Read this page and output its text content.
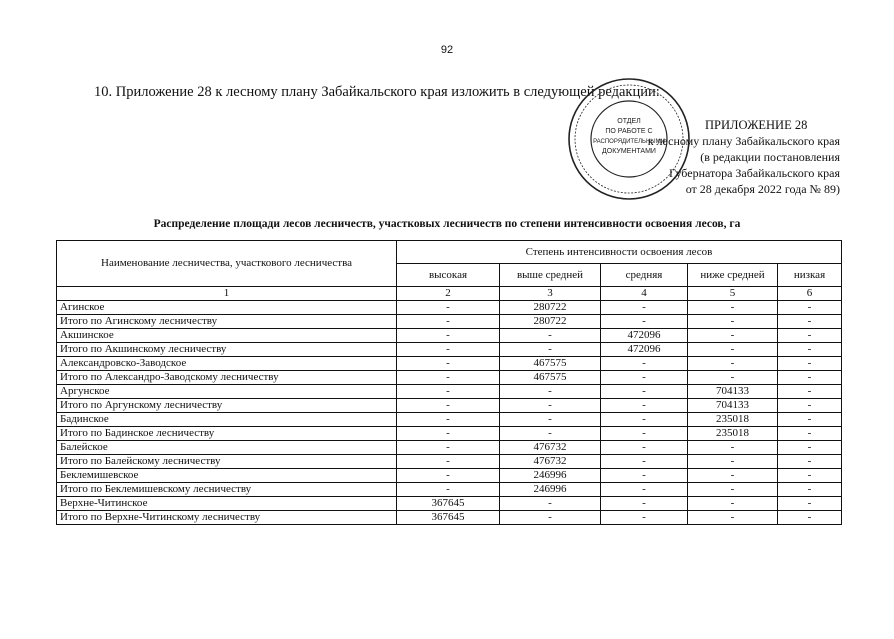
92
10. Приложение 28 к лесному плану Забайкальского края изложить в следующей редакции:
ОТДЕЛ
ПО РАБОТЕ С
РАСПОРЯДИТЕЛЬНЫМИ
ДОКУМЕНТАМИ
ПРИЛОЖЕНИЕ 28
к лесному плану Забайкальского края
(в редакции постановления
Губернатора Забайкальского края
от 28 декабря 2022 года № 89)
Распределение площади лесов лесничеств, участковых лесничеств по степени интенсивности освоения лесов, га
Наименование лесничества, участкового лесничества	Степень интенсивности освоения лесов				
	высокая	выше средней	средняя	ниже средней	низкая
1	2	3	4	5	6
Агинское	-	280722	-	-	-
Итого по Агинскому лесничеству	-	280722	-	-	-
Акшинское	-	-	472096	-	-
Итого по Акшинскому лесничеству	-	-	472096	-	-
Александровско-Заводское	-	467575	-	-	-
Итого по Александро-Заводскому лесничеству	-	467575	-	-	-
Аргунское	-	-	-	704133	-
Итого по Аргунскому лесничеству	-	-	-	704133	-
Бадинское	-	-	-	235018	-
Итого по Бадинское лесничеству	-	-	-	235018	-
Балейское	-	476732	-	-	-
Итого по Балейскому лесничеству	-	476732	-	-	-
Беклемишевское	-	246996	-	-	-
Итого по Беклемишевскому лесничеству	-	246996	-	-	-
Верхне-Читинское	367645	-	-	-	-
Итого по Верхне-Читинскому лесничеству	367645	-	-	-	-
